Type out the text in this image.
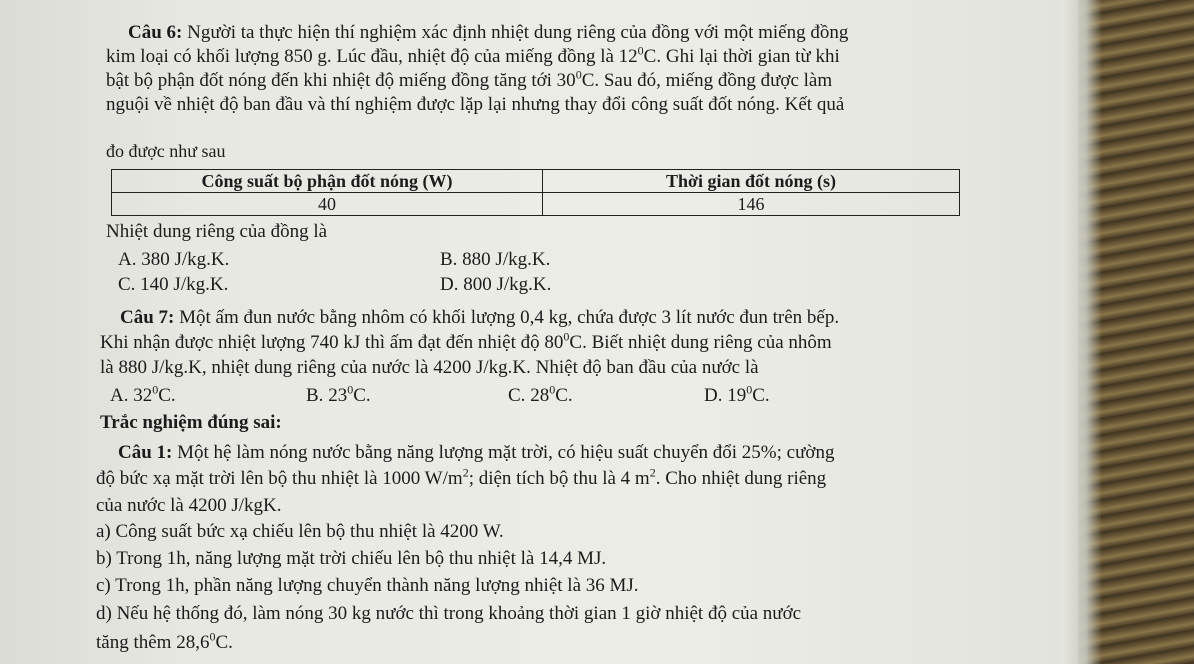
Câu 6: Người ta thực hiện thí nghiệm xác định nhiệt dung riêng của đồng với một miếng đồng
kim loại có khối lượng 850 g. Lúc đầu, nhiệt độ của miếng đồng là $12^0C$. Ghi lại thời gian từ khi
bật bộ phận đốt nóng đến khi nhiệt độ miếng đồng tăng tới $30^0C$. Sau đó, miếng đồng được làm
nguội về nhiệt độ ban đầu và thí nghiệm được lặp lại nhưng thay đổi công suất đốt nóng. Kết quả
đo được như sau
Công suất bộ phận đốt nóng (W)	Thời gian đốt nóng (s)
40	146
Nhiệt dung riêng của đồng là
A. 380 J/kg.K.	B. 880 J/kg.K.
C. 140 J/kg.K.	D. 800 J/kg.K.
Câu 7: Một ấm đun nước bằng nhôm có khối lượng 0,4 kg, chứa được 3 lít nước đun trên bếp.
Khi nhận được nhiệt lượng 740 kJ thì ấm đạt đến nhiệt độ $80^0C$. Biết nhiệt dung riêng của nhôm
là 880 J/kg.K, nhiệt dung riêng của nước là 4200 J/kg.K. Nhiệt độ ban đầu của nước là
A. $32^0C$.	B. $23^0C$.	C. $28^0C$.	D. $19^0C$.
Trắc nghiệm đúng sai:
Câu 1: Một hệ làm nóng nước bằng năng lượng mặt trời, có hiệu suất chuyển đổi 25%; cường
độ bức xạ mặt trời lên bộ thu nhiệt là 1000 $W/m^2$; diện tích bộ thu là 4 $m^2$. Cho nhiệt dung riêng
của nước là 4200 J/kgK.
a) Công suất bức xạ chiếu lên bộ thu nhiệt là 4200 W.
b) Trong 1h, năng lượng mặt trời chiếu lên bộ thu nhiệt là 14,4 MJ.
c) Trong 1h, phần năng lượng chuyển thành năng lượng nhiệt là 36 MJ.
d) Nếu hệ thống đó, làm nóng 30 kg nước thì trong khoảng thời gian 1 giờ nhiệt độ của nước
tăng thêm 28,6$^0$C.
